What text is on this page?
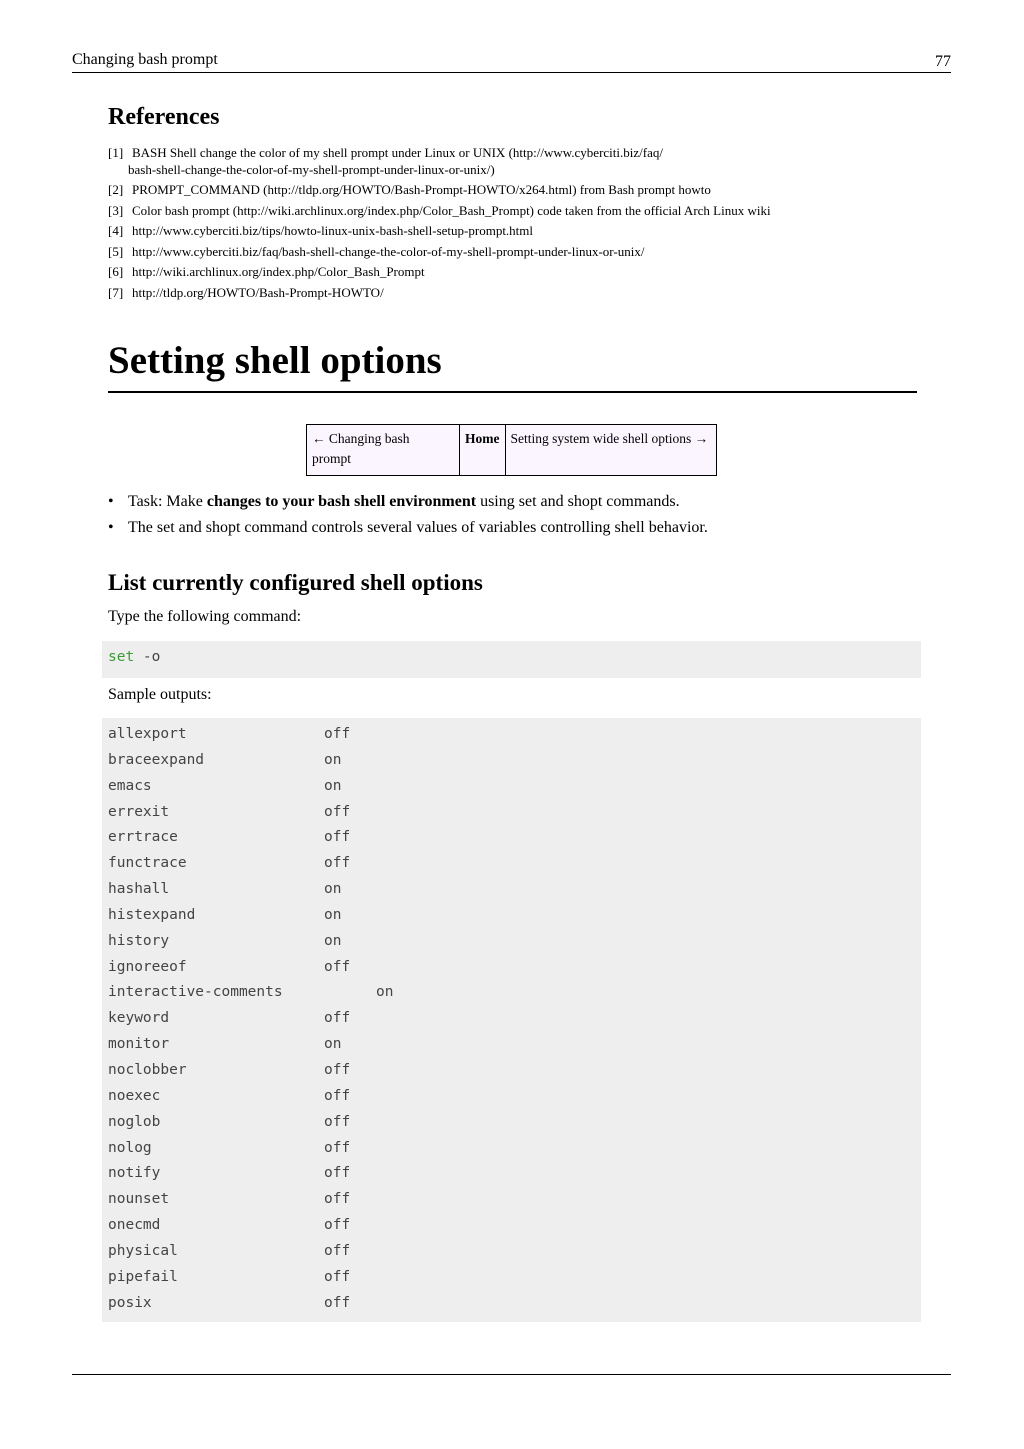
Changing bash prompt	77
References
[1] BASH Shell change the color of my shell prompt under Linux or UNIX (http://www.cyberciti.biz/faq/
bash-shell-change-the-color-of-my-shell-prompt-under-linux-or-unix/)
[2] PROMPT_COMMAND (http://tldp.org/HOWTO/Bash-Prompt-HOWTO/x264.html) from Bash prompt howto
[3] Color bash prompt (http://wiki.archlinux.org/index.php/Color_Bash_Prompt) code taken from the official Arch Linux wiki
[4] http://www.cyberciti.biz/tips/howto-linux-unix-bash-shell-setup-prompt.html
[5] http://www.cyberciti.biz/faq/bash-shell-change-the-color-of-my-shell-prompt-under-linux-or-unix/
[6] http://wiki.archlinux.org/index.php/Color_Bash_Prompt
[7] http://tldp.org/HOWTO/Bash-Prompt-HOWTO/
Setting shell options
← Changing bash
prompt	Home	Setting system wide shell options →
• Task: Make changes to your bash shell environment using set and shopt commands.
• The set and shopt command controls several values of variables controlling shell behavior.
List currently configured shell options
Type the following command:
set -o
Sample outputs:
allexport	off
braceexpand	on
emacs	on
errexit	off
errtrace	off
functrace	off
hashall	on
histexpand	on
history	on
ignoreeof	off
interactive-comments	on
keyword	off
monitor	on
noclobber	off
noexec	off
noglob	off
nolog	off
notify	off
nounset	off
onecmd	off
physical	off
pipefail	off
posix	off
